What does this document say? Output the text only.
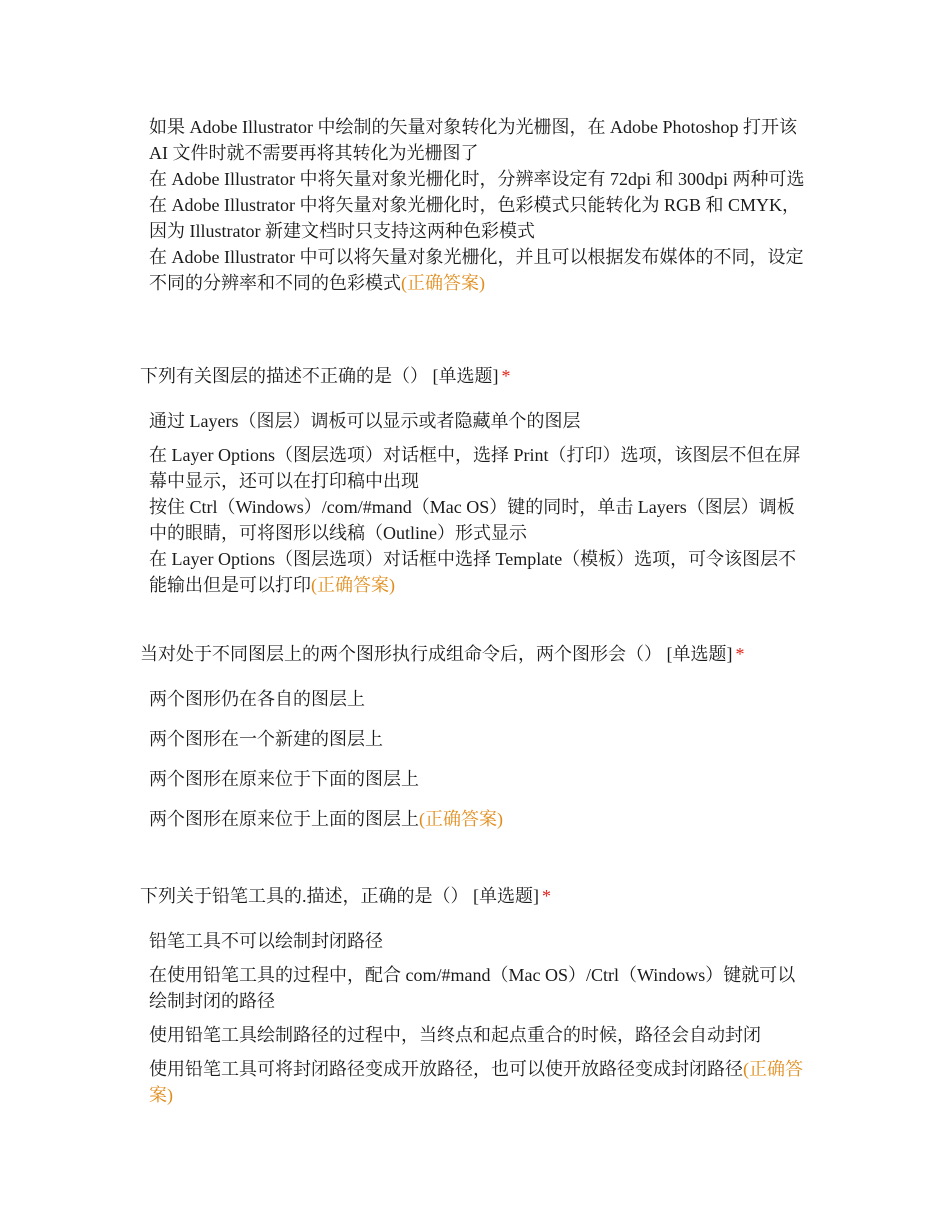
如果 Adobe Illustrator 中绘制的矢量对象转化为光栅图，在 Adobe Photoshop 打开该 AI 文件时就不需要再将其转化为光栅图了
在 Adobe Illustrator 中将矢量对象光栅化时，分辨率设定有 72dpi 和 300dpi 两种可选
在 Adobe Illustrator 中将矢量对象光栅化时，色彩模式只能转化为 RGB 和 CMYK，因为 Illustrator 新建文档时只支持这两种色彩模式
在 Adobe Illustrator 中可以将矢量对象光栅化，并且可以根据发布媒体的不同，设定不同的分辨率和不同的色彩模式(正确答案)

下列有关图层的描述不正确的是（） [单选题] *

通过 Layers（图层）调板可以显示或者隐藏单个的图层
在 Layer Options（图层选项）对话框中，选择 Print（打印）选项，该图层不但在屏幕中显示，还可以在打印稿中出现
按住 Ctrl（Windows）/com/#mand（Mac OS）键的同时，单击 Layers（图层）调板中的眼睛，可将图形以线稿（Outline）形式显示
在 Layer Options（图层选项）对话框中选择 Template（模板）选项，可令该图层不能输出但是可以打印(正确答案)

当对处于不同图层上的两个图形执行成组命令后，两个图形会（） [单选题] *

两个图形仍在各自的图层上
两个图形在一个新建的图层上
两个图形在原来位于下面的图层上
两个图形在原来位于上面的图层上(正确答案)

下列关于铅笔工具的.描述，正确的是（） [单选题] *

铅笔工具不可以绘制封闭路径
在使用铅笔工具的过程中，配合 com/#mand（Mac OS）/Ctrl（Windows）键就可以绘制封闭的路径
使用铅笔工具绘制路径的过程中，当终点和起点重合的时候，路径会自动封闭
使用铅笔工具可将封闭路径变成开放路径，也可以使开放路径变成封闭路径(正确答案)
